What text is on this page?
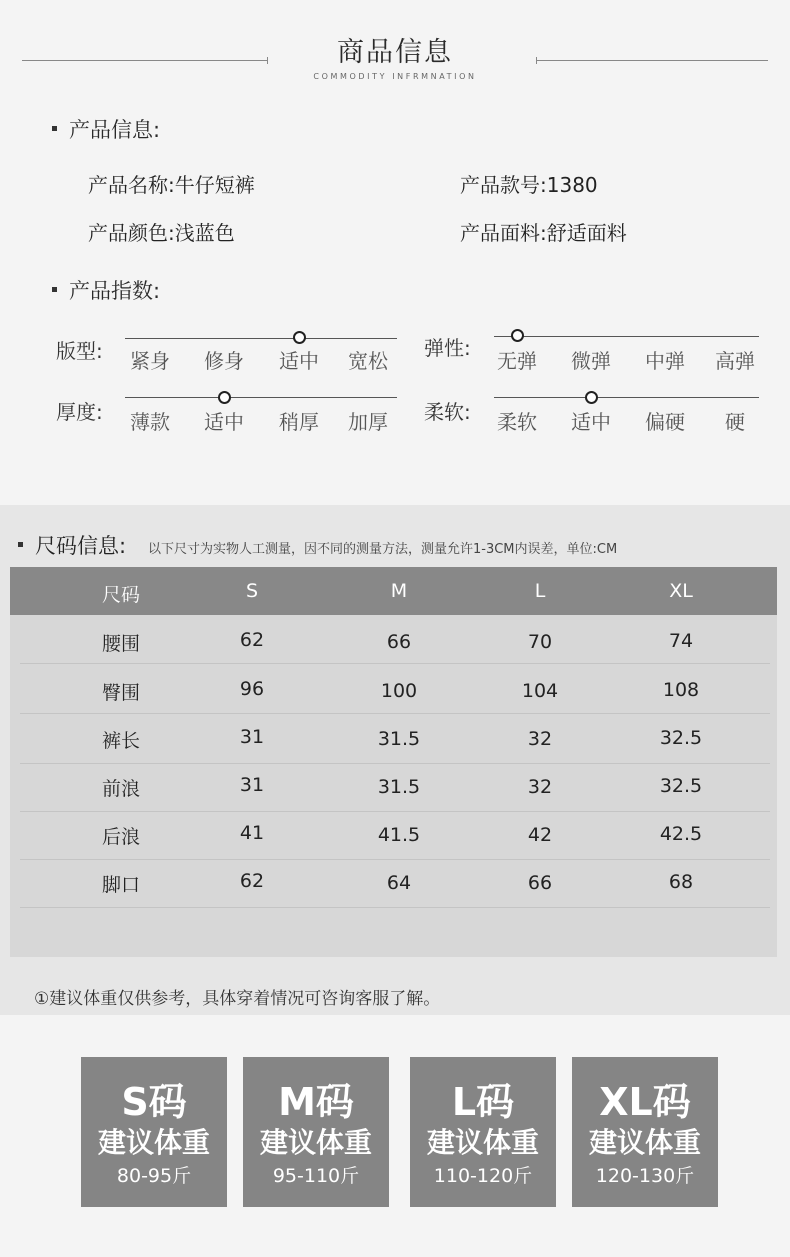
商品信息
COMMODITY INFRMNATION
产品信息:
产品名称:牛仔短裤	产品款号:1380
产品颜色:浅蓝色	产品面料:舒适面料
产品指数:
版型:	紧身	修身	适中	宽松
弹性:
无弹	微弹	中弹	高弹
厚度:	薄款	适中	稍厚	加厚	柔软:	柔软	适中	偏硬	硬
尺码信息: 以下尺寸为实物人工测量，因不同的测量方法，测量允许1-3CM内误差，单位:CM
尺码	S	M	L	XL
腰围	62	66	70	74
臀围	96	100	104	108
裤长	31	31.5	32	32.5
前浪	31	31.5	32	32.5
后浪	41	41.5	42	42.5
脚口	62	64	66	68
①建议体重仅供参考，具体穿着情况可咨询客服了解。
S码
建议体重
80-95斤
M码
建议体重
95-110斤
L码
建议体重
110-120斤
XL码
建议体重
120-130斤
